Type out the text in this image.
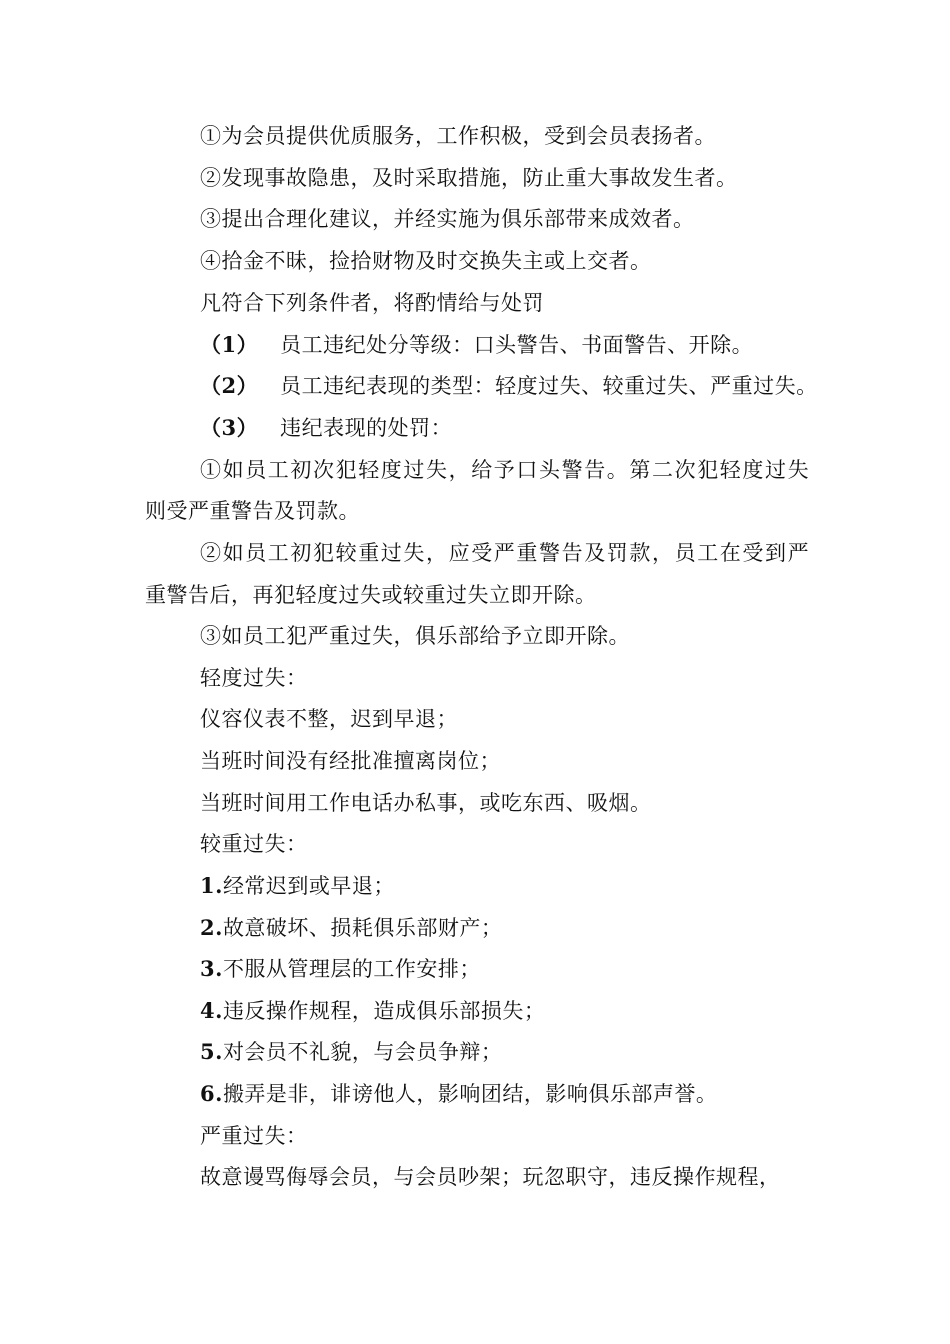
①为会员提供优质服务，工作积极，受到会员表扬者。
②发现事故隐患，及时采取措施，防止重大事故发生者。
③提出合理化建议，并经实施为俱乐部带来成效者。
④拾金不昧，捡拾财物及时交换失主或上交者。
凡符合下列条件者，将酌情给与处罚
（1） 员工违纪处分等级：口头警告、书面警告、开除。
（2） 员工违纪表现的类型：轻度过失、较重过失、严重过失。
（3） 违纪表现的处罚：
①如员工初次犯轻度过失，给予口头警告。第二次犯轻度过失
则受严重警告及罚款。
②如员工初犯较重过失，应受严重警告及罚款，员工在受到严
重警告后，再犯轻度过失或较重过失立即开除。
③如员工犯严重过失，俱乐部给予立即开除。
轻度过失：
仪容仪表不整，迟到早退；
当班时间没有经批准擅离岗位；
当班时间用工作电话办私事，或吃东西、吸烟。
较重过失：
1.经常迟到或早退；
2.故意破坏、损耗俱乐部财产；
3.不服从管理层的工作安排；
4.违反操作规程，造成俱乐部损失；
5.对会员不礼貌，与会员争辩；
6.搬弄是非，诽谤他人，影响团结，影响俱乐部声誉。
严重过失：
故意谩骂侮辱会员，与会员吵架；玩忽职守，违反操作规程，
